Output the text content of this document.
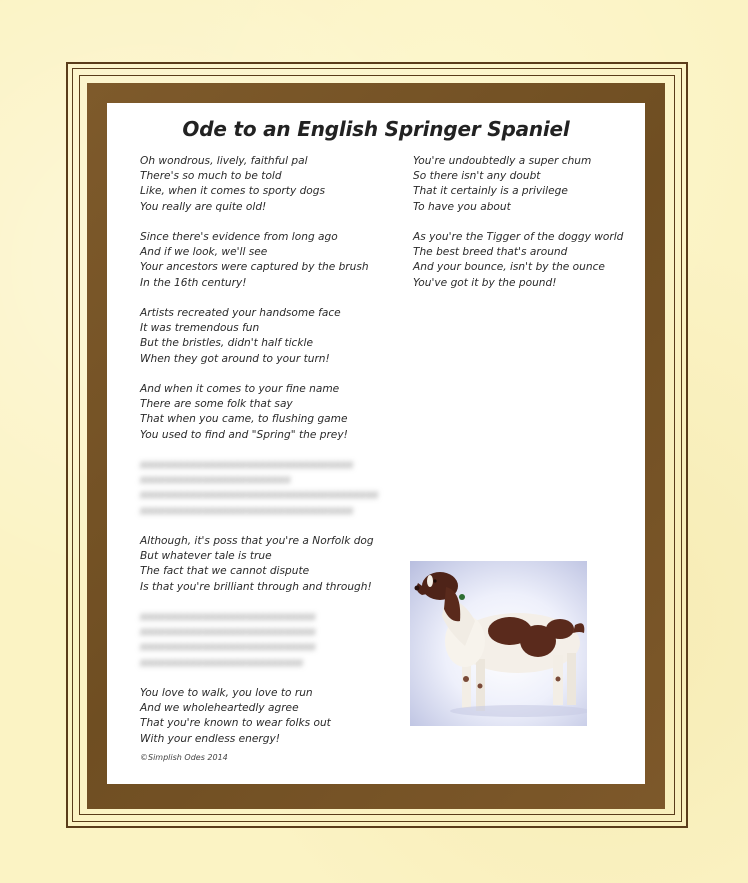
Ode to an English Springer Spaniel
Oh wondrous, lively, faithful pal
There's so much to be told
Like, when it comes to sporty dogs
You really are quite old!
Since there's evidence from long ago
And if we look, we'll see
Your ancestors were captured by the brush
In the 16th century!
Artists recreated your handsome face
It was tremendous fun
But the bristles, didn't half tickle
When they got around to your turn!
And when it comes to your fine name
There are some folk that say
That when you came, to flushing game
You used to find and "Spring" the prey!
xxxxxxxxxxxxxxxxxxxxxxxxxxxxxxxxxx
xxxxxxxxxxxxxxxxxxxxxxxx
xxxxxxxxxxxxxxxxxxxxxxxxxxxxxxxxxxxxxx
xxxxxxxxxxxxxxxxxxxxxxxxxxxxxxxxxx
Although, it's poss that you're a Norfolk dog
But whatever tale is true
The fact that we cannot dispute
Is that you're brilliant through and through!
xxxxxxxxxxxxxxxxxxxxxxxxxxxx
xxxxxxxxxxxxxxxxxxxxxxxxxxxx
xxxxxxxxxxxxxxxxxxxxxxxxxxxx
xxxxxxxxxxxxxxxxxxxxxxxxxx
You love to walk, you love to run
And we wholeheartedly agree
That you're known to wear folks out
With your endless energy!
You're undoubtedly a super chum
So there isn't any doubt
That it certainly is a privilege
To have you about
As you're the Tigger of the doggy world
The best breed that's around
And your bounce, isn't by the ounce
You've got it by the pound!
©Simplish Odes 2014
